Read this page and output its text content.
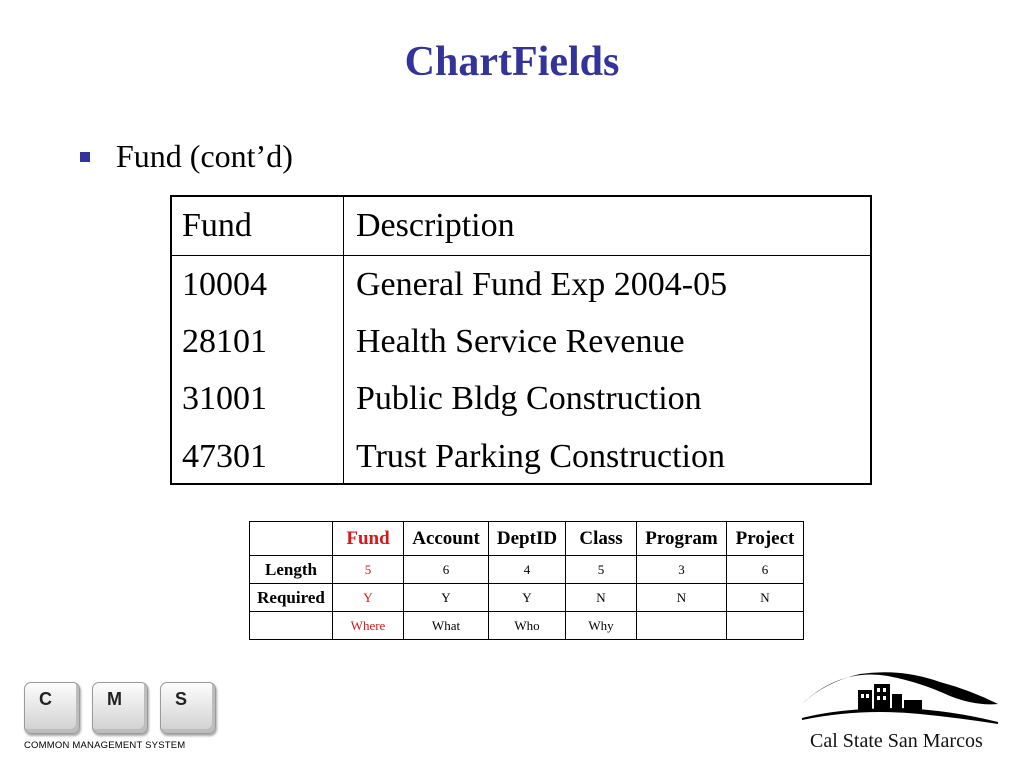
ChartFields
Fund (cont’d)
Fund	Description
10004	General Fund Exp 2004-05
28101	Health Service Revenue
31001	Public Bldg Construction
47301	Trust Parking Construction
	Fund	Account	DeptID	Class	Program	Project
Length	5	6	4	5	3	6
Required	Y	Y	Y	N	N	N
	Where	What	Who	Why		
C	M	S
COMMON MANAGEMENT SYSTEM	Cal State San Marcos
